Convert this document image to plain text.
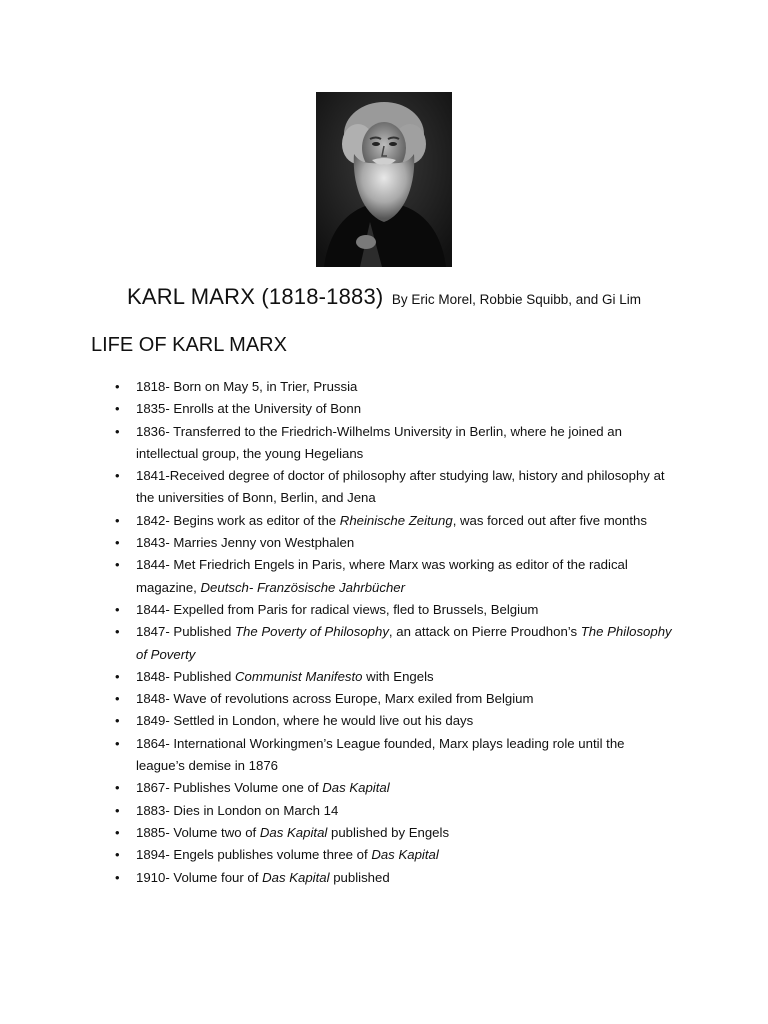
KARL MARX (1818-1883) By Eric Morel, Robbie Squibb, and Gi Lim
LIFE OF KARL MARX
• 1818- Born on May 5, in Trier, Prussia
• 1835- Enrolls at the University of Bonn
• 1836- Transferred to the Friedrich-Wilhelms University in Berlin, where he joined an intellectual group, the young Hegelians
• 1841-Received degree of doctor of philosophy after studying law, history and philosophy at the universities of Bonn, Berlin, and Jena
• 1842- Begins work as editor of the Rheinische Zeitung, was forced out after five months
• 1843- Marries Jenny von Westphalen
• 1844- Met Friedrich Engels in Paris, where Marx was working as editor of the radical magazine, Deutsch- Französische Jahrbücher
• 1844- Expelled from Paris for radical views, fled to Brussels, Belgium
• 1847- Published The Poverty of Philosophy, an attack on Pierre Proudhon’s The Philosophy of Poverty
• 1848- Published Communist Manifesto with Engels
• 1848- Wave of revolutions across Europe, Marx exiled from Belgium
• 1849- Settled in London, where he would live out his days
• 1864- International Workingmen’s League founded, Marx plays leading role until the league’s demise in 1876
• 1867- Publishes Volume one of Das Kapital
• 1883- Dies in London on March 14
• 1885- Volume two of Das Kapital published by Engels
• 1894- Engels publishes volume three of Das Kapital
• 1910- Volume four of Das Kapital published
